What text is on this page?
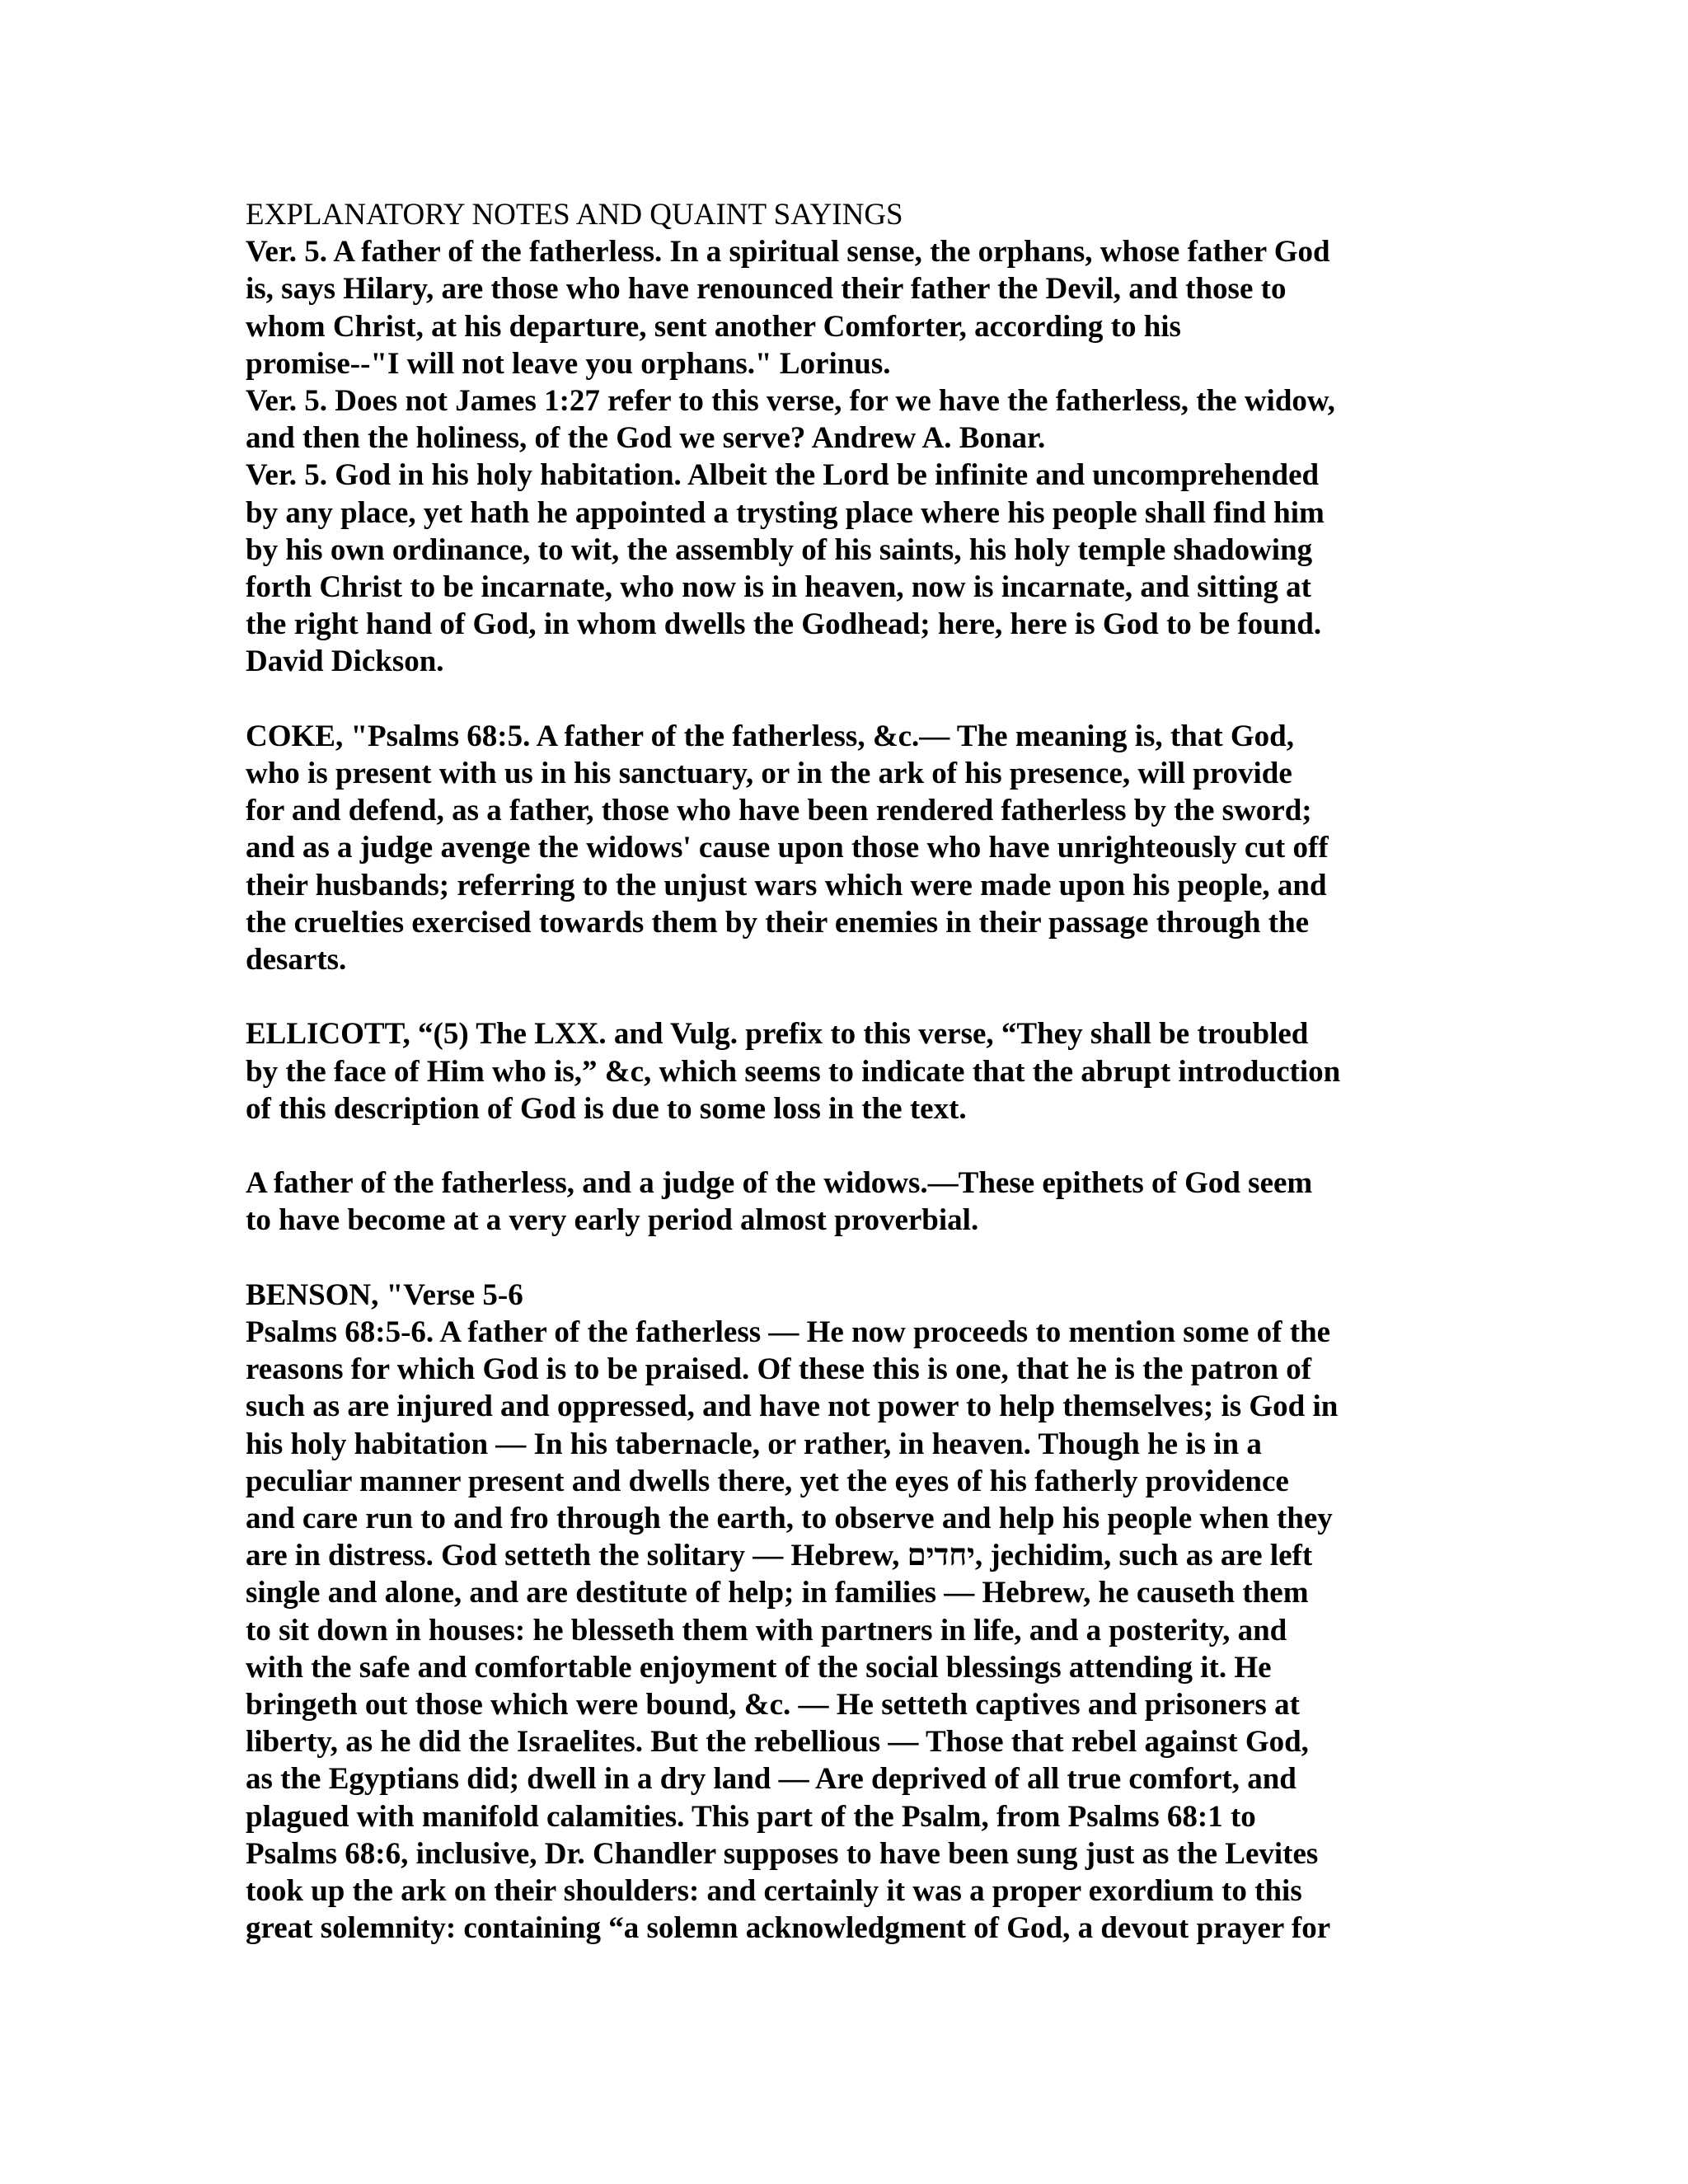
EXPLANATORY NOTES AND QUAINT SAYINGS
Ver. 5. A father of the fatherless. In a spiritual sense, the orphans, whose father God
is, says Hilary, are those who have renounced their father the Devil, and those to
whom Christ, at his departure, sent another Comforter, according to his
promise--"I will not leave you orphans." Lorinus.
Ver. 5. Does not James 1:27 refer to this verse, for we have the fatherless, the widow,
and then the holiness, of the God we serve? Andrew A. Bonar.
Ver. 5. God in his holy habitation. Albeit the Lord be infinite and uncomprehended
by any place, yet hath he appointed a trysting place where his people shall find him
by his own ordinance, to wit, the assembly of his saints, his holy temple shadowing
forth Christ to be incarnate, who now is in heaven, now is incarnate, and sitting at
the right hand of God, in whom dwells the Godhead; here, here is God to be found.
David Dickson.
COKE, "Psalms 68:5. A father of the fatherless, &c.— The meaning is, that God,
who is present with us in his sanctuary, or in the ark of his presence, will provide
for and defend, as a father, those who have been rendered fatherless by the sword;
and as a judge avenge the widows' cause upon those who have unrighteously cut off
their husbands; referring to the unjust wars which were made upon his people, and
the cruelties exercised towards them by their enemies in their passage through the
desarts.
ELLICOTT, “(5) The LXX. and Vulg. prefix to this verse, “They shall be troubled
by the face of Him who is,” &c, which seems to indicate that the abrupt introduction
of this description of God is due to some loss in the text.
A father of the fatherless, and a judge of the widows.—These epithets of God seem
to have become at a very early period almost proverbial.
BENSON, "Verse 5-6
Psalms 68:5-6. A father of the fatherless — He now proceeds to mention some of the
reasons for which God is to be praised. Of these this is one, that he is the patron of
such as are injured and oppressed, and have not power to help themselves; is God in
his holy habitation — In his tabernacle, or rather, in heaven. Though he is in a
peculiar manner present and dwells there, yet the eyes of his fatherly providence
and care run to and fro through the earth, to observe and help his people when they
are in distress. God setteth the solitary — Hebrew, יחדים, jechidim, such as are left
single and alone, and are destitute of help; in families — Hebrew, he causeth them
to sit down in houses: he blesseth them with partners in life, and a posterity, and
with the safe and comfortable enjoyment of the social blessings attending it. He
bringeth out those which were bound, &c. — He setteth captives and prisoners at
liberty, as he did the Israelites. But the rebellious — Those that rebel against God,
as the Egyptians did; dwell in a dry land — Are deprived of all true comfort, and
plagued with manifold calamities. This part of the Psalm, from Psalms 68:1 to
Psalms 68:6, inclusive, Dr. Chandler supposes to have been sung just as the Levites
took up the ark on their shoulders: and certainly it was a proper exordium to this
great solemnity: containing “a solemn acknowledgment of God, a devout prayer for
